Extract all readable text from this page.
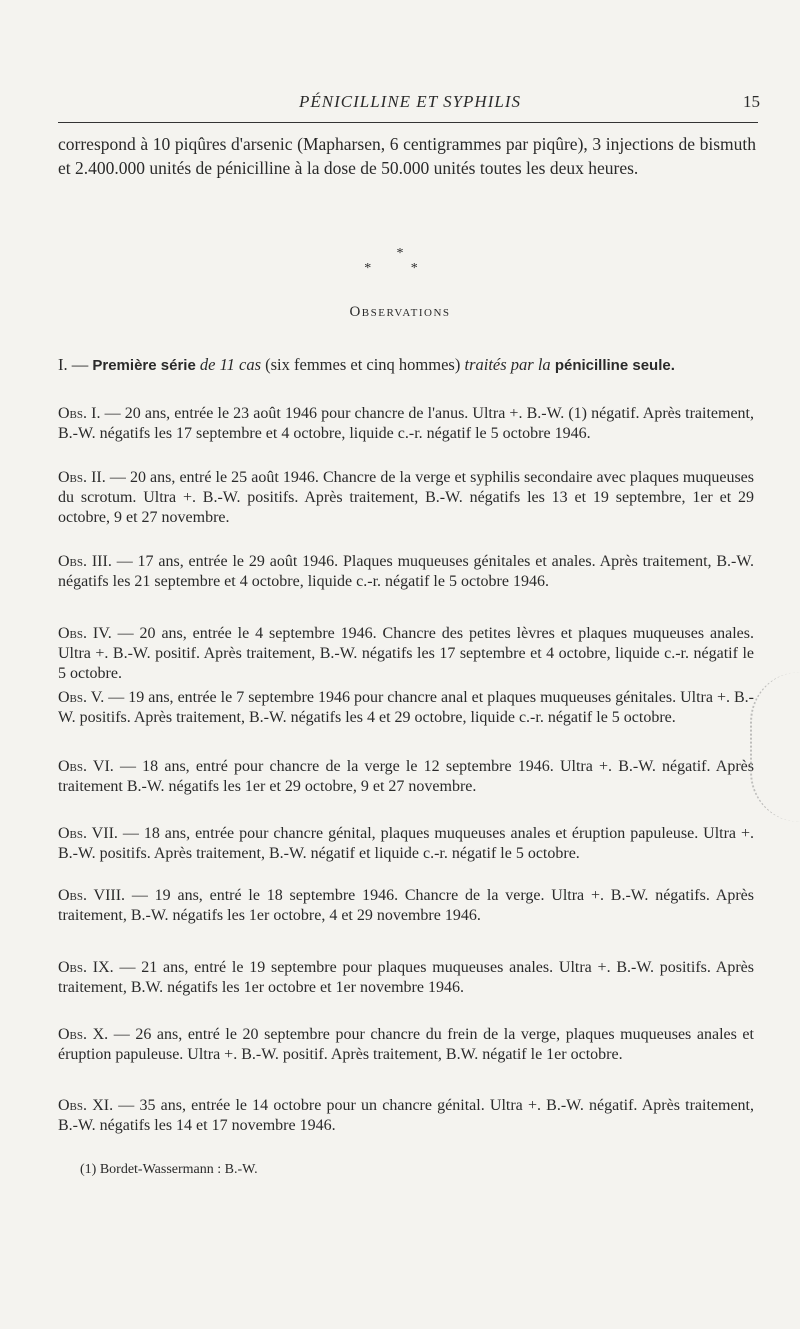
PÉNICILLINE ET SYPHILIS	15
correspond à 10 piqûres d'arsenic (Mapharsen, 6 centigrammes par piqûre), 3 injections de bismuth et 2.400.000 unités de pénicilline à la dose de 50.000 unités toutes les deux heures.
*
* *
Observations
I. — Première série de 11 cas (six femmes et cinq hommes) traités par la pénicilline seule.
Obs. I. — 20 ans, entrée le 23 août 1946 pour chancre de l'anus. Ultra +. B.-W. (1) négatif. Après traitement, B.-W. négatifs les 17 septembre et 4 octobre, liquide c.-r. négatif le 5 octobre 1946.
Obs. II. — 20 ans, entré le 25 août 1946. Chancre de la verge et syphilis secondaire avec plaques muqueuses du scrotum. Ultra +. B.-W. positifs. Après traitement, B.-W. négatifs les 13 et 19 septembre, 1er et 29 octobre, 9 et 27 novembre.
Obs. III. — 17 ans, entrée le 29 août 1946. Plaques muqueuses génitales et anales. Après traitement, B.-W. négatifs les 21 septembre et 4 octobre, liquide c.-r. négatif le 5 octobre 1946.
Obs. IV. — 20 ans, entrée le 4 septembre 1946. Chancre des petites lèvres et plaques muqueuses anales. Ultra +. B.-W. positif. Après traitement, B.-W. négatifs les 17 septembre et 4 octobre, liquide c.-r. négatif le 5 octobre.
Obs. V. — 19 ans, entrée le 7 septembre 1946 pour chancre anal et plaques muqueuses génitales. Ultra +. B.-W. positifs. Après traitement, B.-W. négatifs les 4 et 29 octobre, liquide c.-r. négatif le 5 octobre.
Obs. VI. — 18 ans, entré pour chancre de la verge le 12 septembre 1946. Ultra +. B.-W. négatif. Après traitement B.-W. négatifs les 1er et 29 octobre, 9 et 27 novembre.
Obs. VII. — 18 ans, entrée pour chancre génital, plaques muqueuses anales et éruption papuleuse. Ultra +. B.-W. positifs. Après traitement, B.-W. négatif et liquide c.-r. négatif le 5 octobre.
Obs. VIII. — 19 ans, entré le 18 septembre 1946. Chancre de la verge. Ultra +. B.-W. négatifs. Après traitement, B.-W. négatifs les 1er octobre, 4 et 29 novembre 1946.
Obs. IX. — 21 ans, entré le 19 septembre pour plaques muqueuses anales. Ultra +. B.-W. positifs. Après traitement, B.W. négatifs les 1er octobre et 1er novembre 1946.
Obs. X. — 26 ans, entré le 20 septembre pour chancre du frein de la verge, plaques muqueuses anales et éruption papuleuse. Ultra +. B.-W. positif. Après traitement, B.W. négatif le 1er octobre.
Obs. XI. — 35 ans, entrée le 14 octobre pour un chancre génital. Ultra +. B.-W. négatif. Après traitement, B.-W. négatifs les 14 et 17 novembre 1946.
(1) Bordet-Wassermann : B.-W.
